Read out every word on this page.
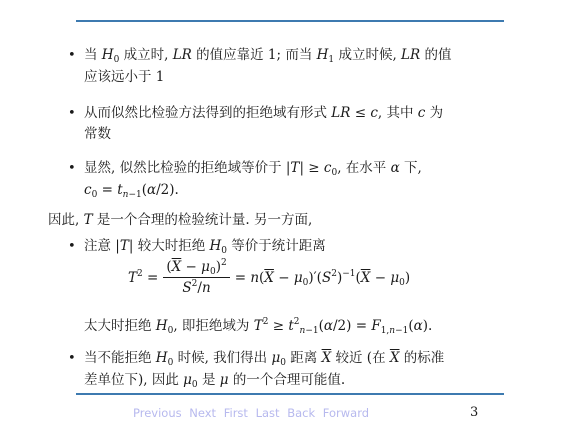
• 当 $H_0$ 成立时, LR 的值应靠近 1; 而当 $H_1$ 成立时候, LR 的值
应该远小于 1
• 从而似然比检验方法得到的拒绝域有形式 LR ≤ c, 其中 c 为
常数
• 显然, 似然比检验的拒绝域等价于 $|T| \ge c_0$, 在水平 α 下,
$c_0 = t_{n-1}(\alpha/2)$.
因此, T 是一个合理的检验统计量. 另一方面,
• 注意 |T| 较大时拒绝 $H_0$ 等价于统计距离
$T^2 = \frac{(\overline{X} - \mu_0)^2}{S^2/n} = n(\overline{X} - \mu_0)'(S^2)^{-1}(\overline{X} - \mu_0)$
太大时拒绝 $H_0$, 即拒绝域为 $T^2 \ge t^2_{n-1}(\alpha/2) = F_{1,n-1}(\alpha)$.
• 当不能拒绝 $H_0$ 时候, 我们得出 $\mu_0$ 距离 $\overline{X}$ 较近 (在 $\overline{X}$ 的标准
差单位下), 因此 $\mu_0$ 是 μ 的一个合理可能值.
Previous Next First Last Back Forward	3
